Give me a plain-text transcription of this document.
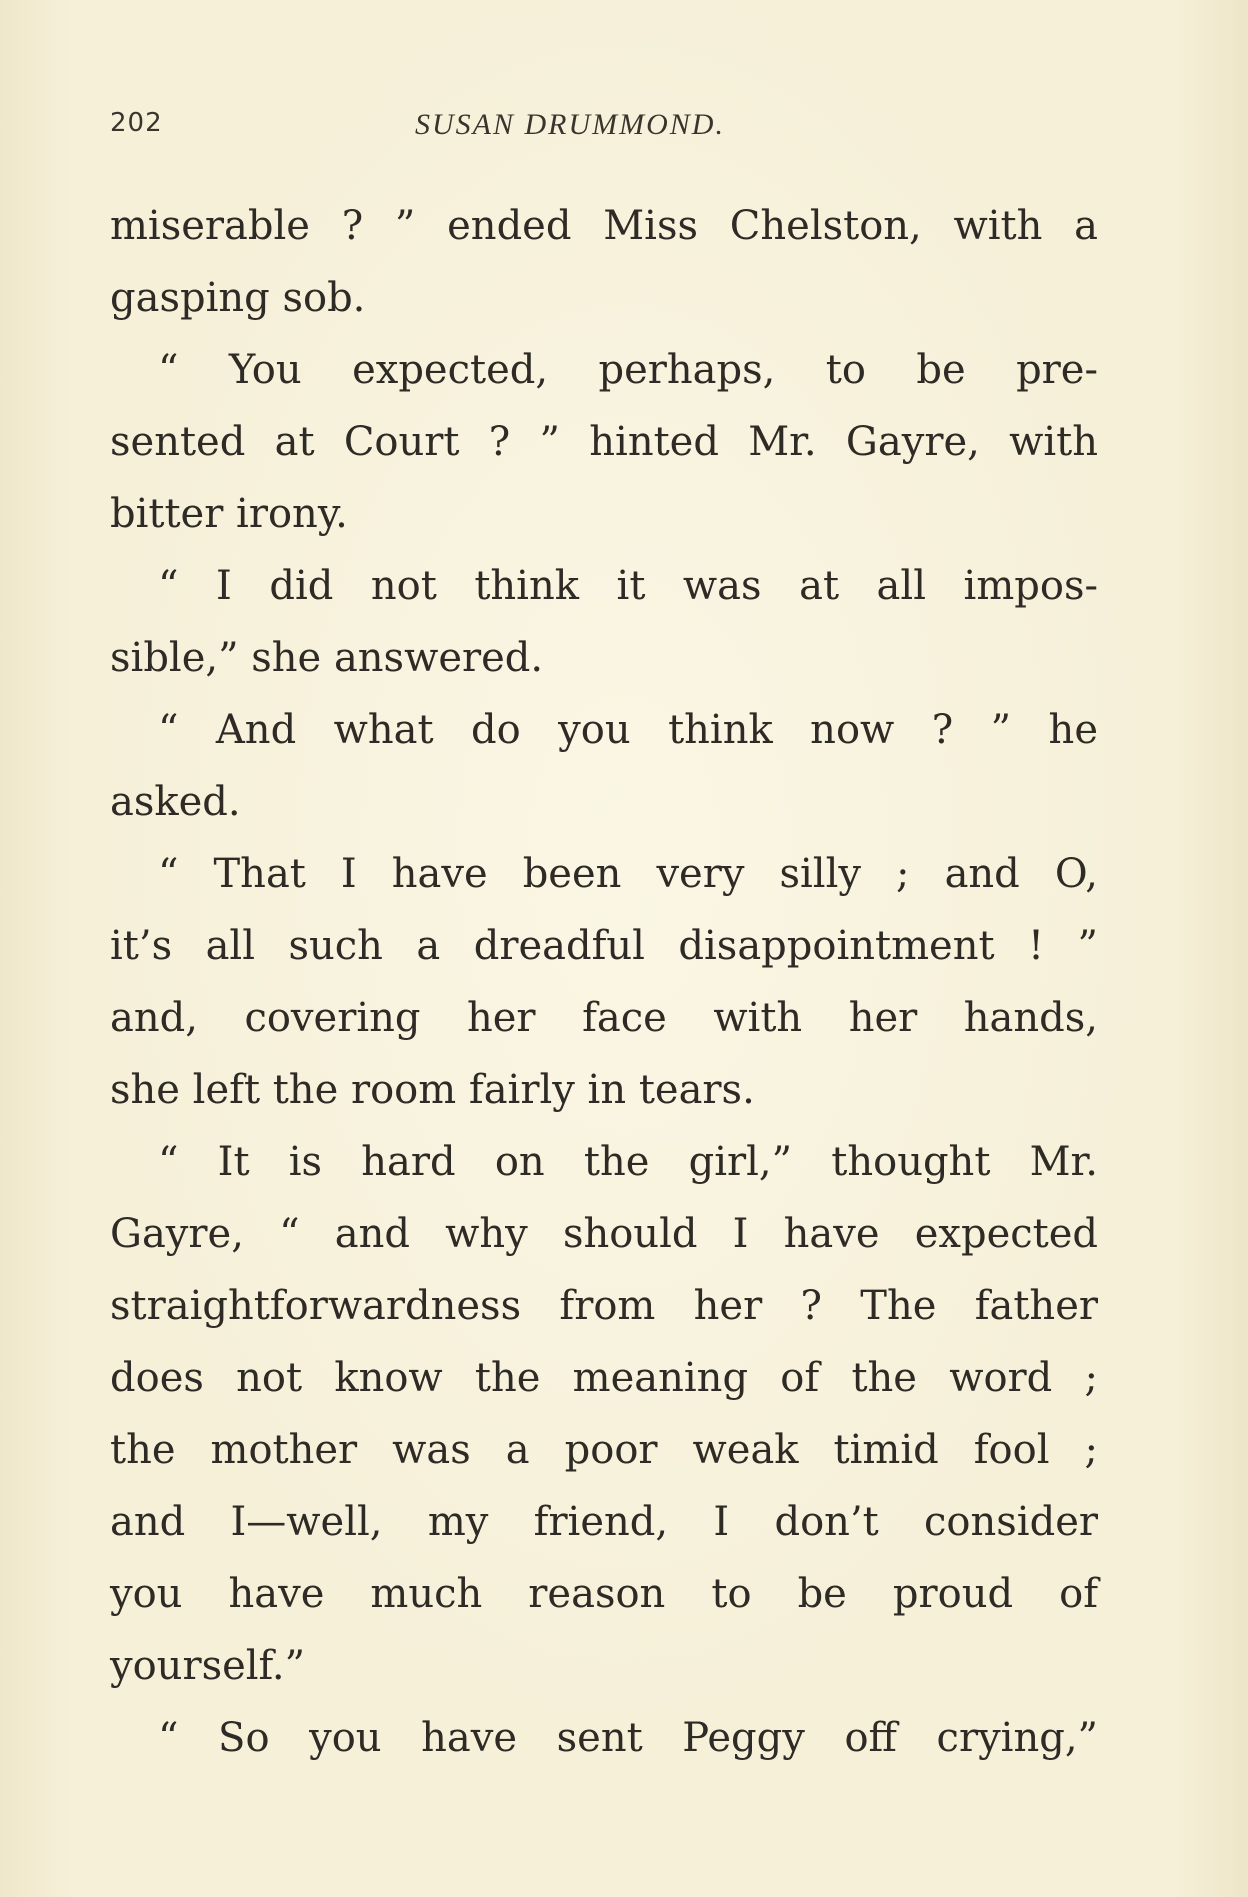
202	SUSAN DRUMMOND.
miserable ? ” ended Miss Chelston, with a
gasping sob.
“ You expected, perhaps, to be pre-
sented at Court ? ” hinted Mr. Gayre, with
bitter irony.
“ I did not think it was at all impos-
sible,” she answered.
“ And what do you think now ? ” he
asked.
“ That I have been very silly ; and O,
it’s all such a dreadful disappointment ! ”
and, covering her face with her hands,
she left the room fairly in tears.
“ It is hard on the girl,” thought Mr.
Gayre, “ and why should I have expected
straightforwardness from her ? The father
does not know the meaning of the word ;
the mother was a poor weak timid fool ;
and I—well, my friend, I don’t consider
you have much reason to be proud of
yourself.”
“ So you have sent Peggy off crying,”
